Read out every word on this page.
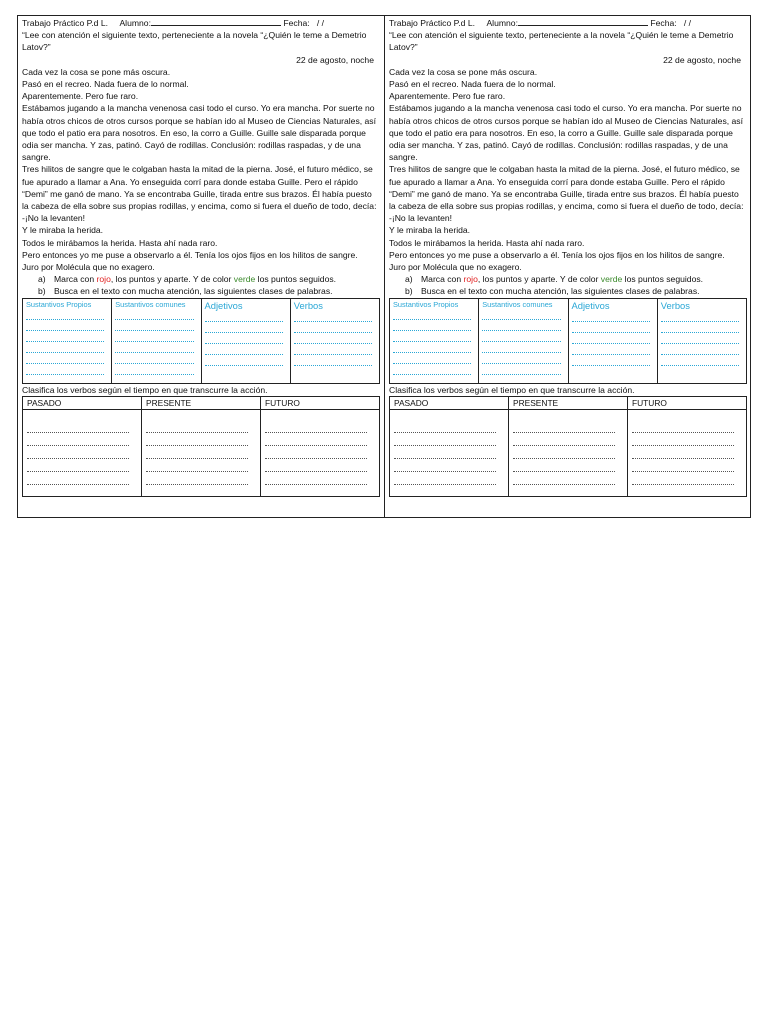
Trabajo Práctico P.d L. Alumno:	Fecha: / /
“Lee con atención el siguiente texto, perteneciente a la novela “¿Quién le teme a Demetrio Latov?”
22 de agosto, noche
Cada vez la cosa se pone más oscura.
Pasó en el recreo. Nada fuera de lo normal.
Aparentemente. Pero fue raro.
Estábamos jugando a la mancha venenosa casi todo el curso. Yo era mancha. Por suerte no había otros chicos de otros cursos porque se habían ido al Museo de Ciencias Naturales, así que todo el patio era para nosotros. En eso, la corro a Guille. Guille sale disparada porque odia ser mancha. Y zas, patinó. Cayó de rodillas. Conclusión: rodillas raspadas, y de una sangre.
Tres hilitos de sangre que le colgaban hasta la mitad de la pierna. José, el futuro médico, se fue apurado a llamar a Ana. Yo enseguida corrí para donde estaba Guille. Pero el rápido “Demi” me ganó de mano. Ya se encontraba Guille, tirada entre sus brazos. Él había puesto la cabeza de ella sobre sus propias rodillas, y encima, como si fuera el dueño de todo, decía:
-¡No la levanten!
Y le miraba la herida.
Todos le mirábamos la herida. Hasta ahí nada raro.
Pero entonces yo me puse a observarlo a él. Tenía los ojos fijos en los hilitos de sangre.
Juro por Molécula que no exagero.
a) Marca con rojo, los puntos y aparte. Y de color verde los puntos seguidos.
b) Busca en el texto con mucha atención, las siguientes clases de palabras.
Sustantivos Propios	Sustantivos comunes	Adjetivos	Verbos
Clasifica los verbos según el tiempo en que transcurre la acción.
PASADO	PRESENTE	FUTURO

Trabajo Práctico P.d L. Alumno:	Fecha: / /
“Lee con atención el siguiente texto, perteneciente a la novela “¿Quién le teme a Demetrio Latov?”
22 de agosto, noche
Cada vez la cosa se pone más oscura.
Pasó en el recreo. Nada fuera de lo normal.
Aparentemente. Pero fue raro.
Estábamos jugando a la mancha venenosa casi todo el curso. Yo era mancha. Por suerte no había otros chicos de otros cursos porque se habían ido al Museo de Ciencias Naturales, así que todo el patio era para nosotros. En eso, la corro a Guille. Guille sale disparada porque odia ser mancha. Y zas, patinó. Cayó de rodillas. Conclusión: rodillas raspadas, y de una sangre.
Tres hilitos de sangre que le colgaban hasta la mitad de la pierna. José, el futuro médico, se fue apurado a llamar a Ana. Yo enseguida corrí para donde estaba Guille. Pero el rápido “Demi” me ganó de mano. Ya se encontraba Guille, tirada entre sus brazos. Él había puesto la cabeza de ella sobre sus propias rodillas, y encima, como si fuera el dueño de todo, decía:
-¡No la levanten!
Y le miraba la herida.
Todos le mirábamos la herida. Hasta ahí nada raro.
Pero entonces yo me puse a observarlo a él. Tenía los ojos fijos en los hilitos de sangre.
Juro por Molécula que no exagero.
a) Marca con rojo, los puntos y aparte. Y de color verde los puntos seguidos.
b) Busca en el texto con mucha atención, las siguientes clases de palabras.
Sustantivos Propios	Sustantivos comunes	Adjetivos	Verbos
Clasifica los verbos según el tiempo en que transcurre la acción.
PASADO	PRESENTE	FUTURO
